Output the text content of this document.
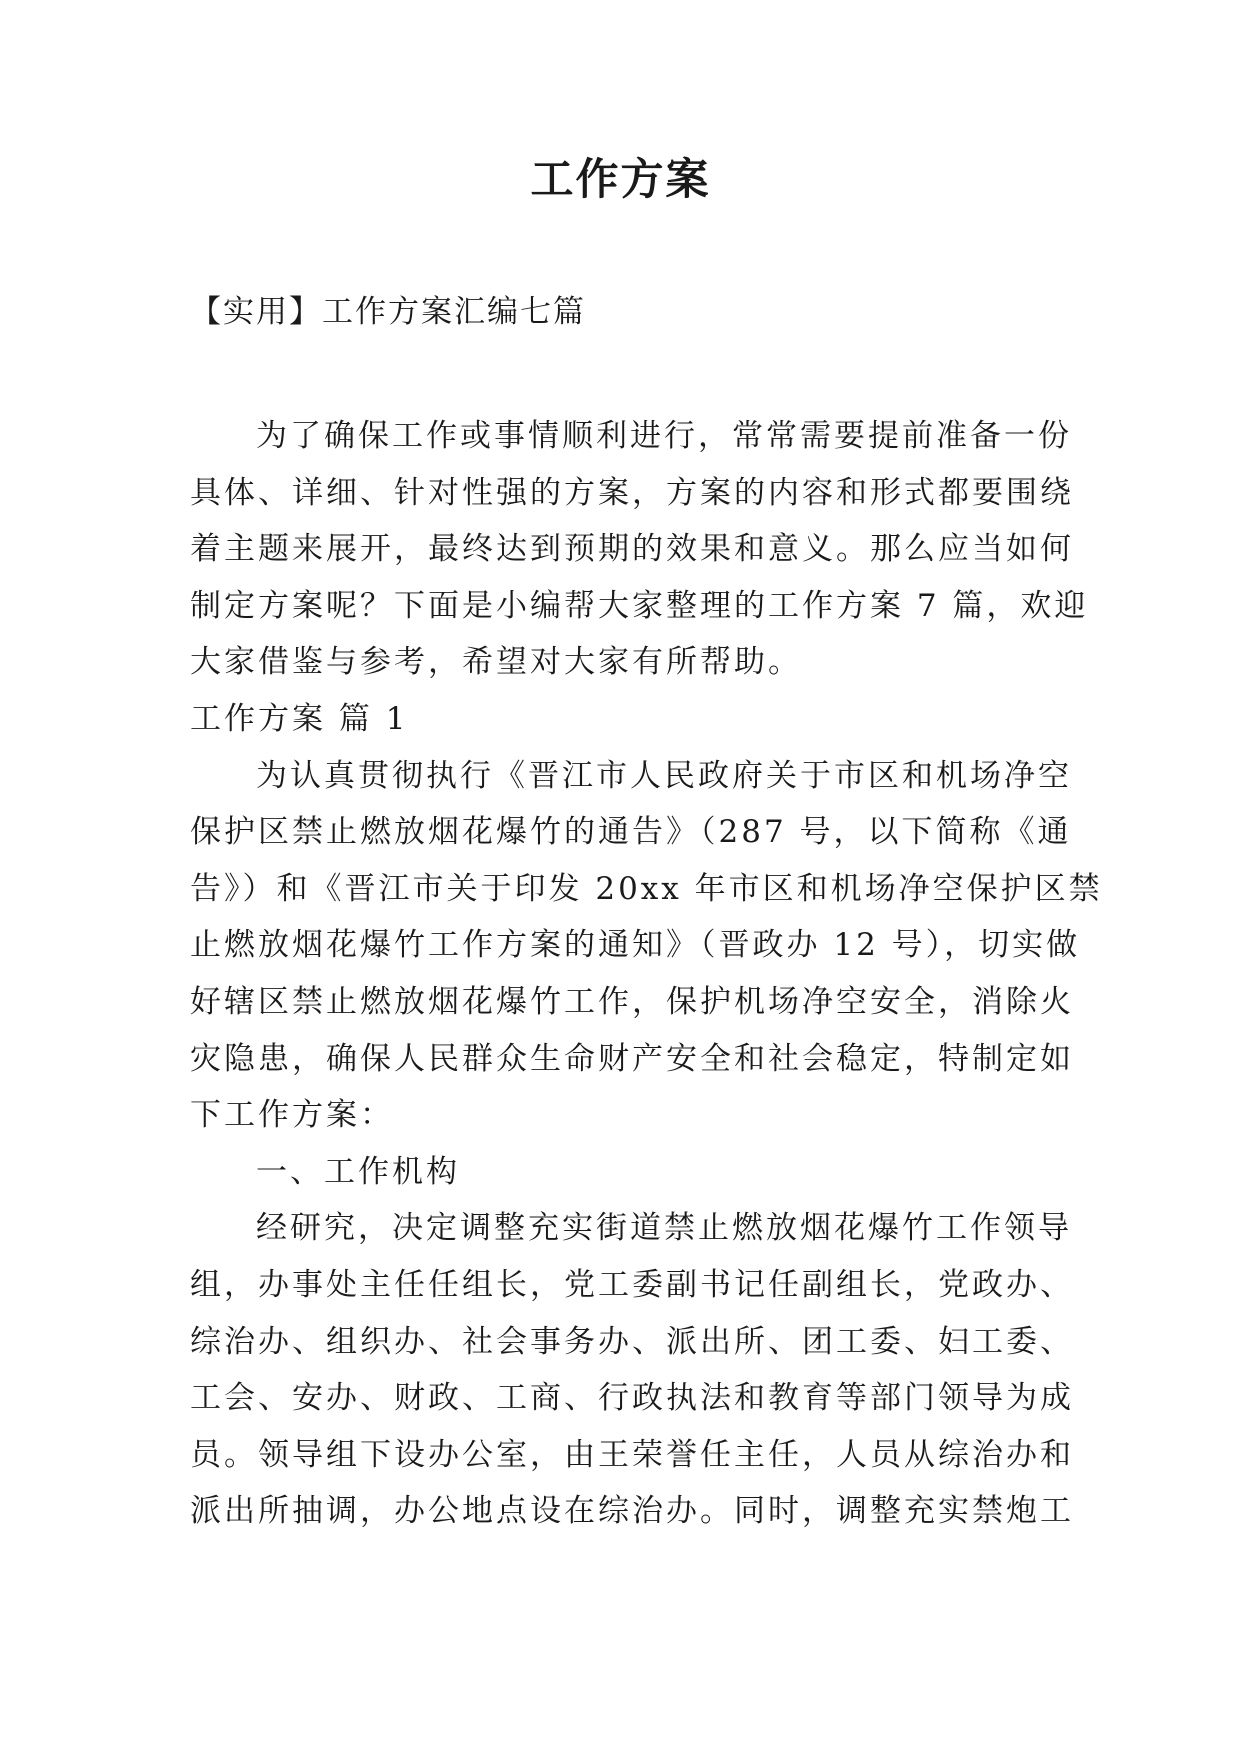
工作方案
【实用】工作方案汇编七篇
为了确保工作或事情顺利进行，常常需要提前准备一份
具体、详细、针对性强的方案，方案的内容和形式都要围绕
着主题来展开，最终达到预期的效果和意义。那么应当如何
制定方案呢？下面是小编帮大家整理的工作方案 7 篇，欢迎
大家借鉴与参考，希望对大家有所帮助。
工作方案 篇 1
为认真贯彻执行《晋江市人民政府关于市区和机场净空
保护区禁止燃放烟花爆竹的通告》（287 号，以下简称《通
告》）和《晋江市关于印发 20xx 年市区和机场净空保护区禁
止燃放烟花爆竹工作方案的通知》（晋政办 12 号），切实做
好辖区禁止燃放烟花爆竹工作，保护机场净空安全，消除火
灾隐患，确保人民群众生命财产安全和社会稳定，特制定如
下工作方案：
一、工作机构
经研究，决定调整充实街道禁止燃放烟花爆竹工作领导
组，办事处主任任组长，党工委副书记任副组长，党政办、
综治办、组织办、社会事务办、派出所、团工委、妇工委、
工会、安办、财政、工商、行政执法和教育等部门领导为成
员。领导组下设办公室，由王荣誉任主任，人员从综治办和
派出所抽调，办公地点设在综治办。同时，调整充实禁炮工
